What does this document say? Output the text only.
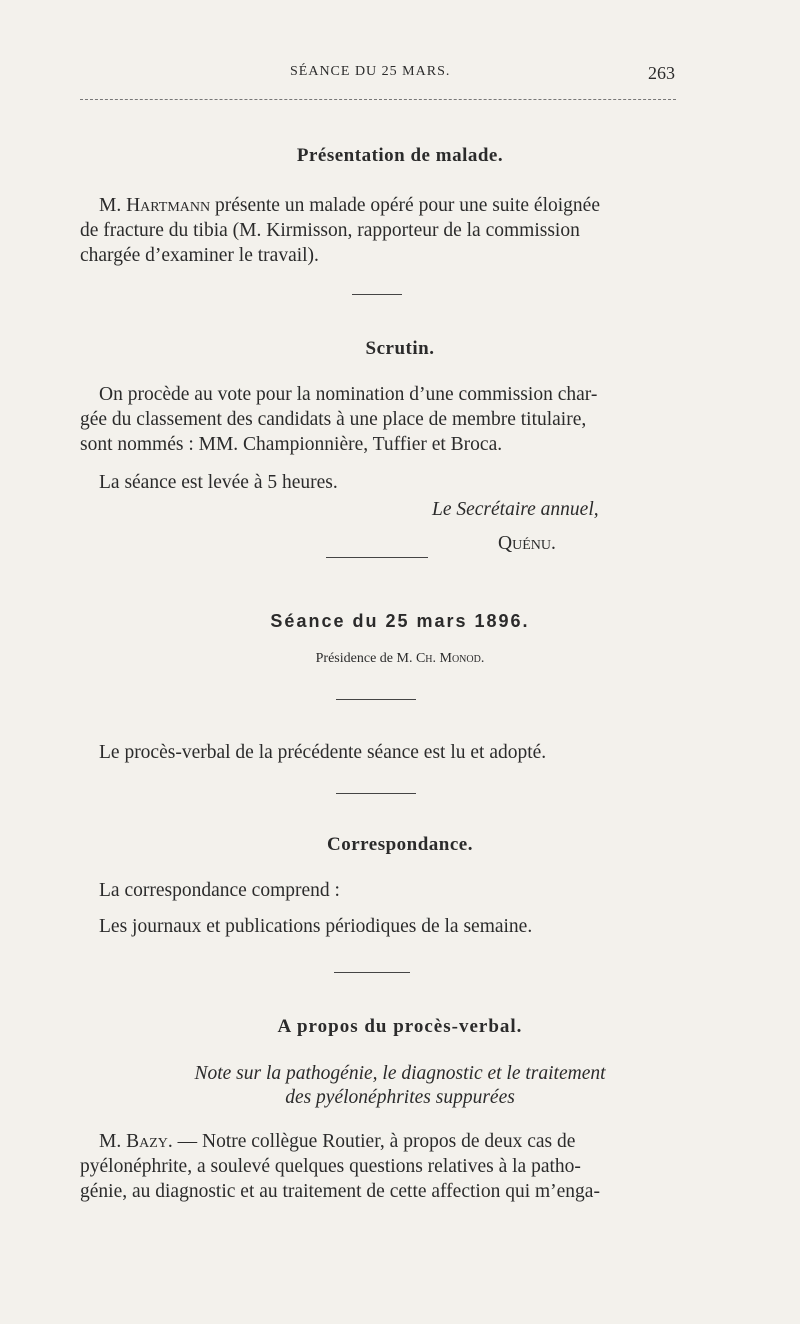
SÉANCE DU 25 MARS.	263
Présentation de malade.
M. Hartmann présente un malade opéré pour une suite éloignée
de fracture du tibia (M. Kirmisson, rapporteur de la commission
chargée d’examiner le travail).
Scrutin.
On procède au vote pour la nomination d’une commission char-
gée du classement des candidats à une place de membre titulaire,
sont nommés : MM. Championnière, Tuffier et Broca.
La séance est levée à 5 heures.
Le Secrétaire annuel,
Quénu.
Séance du 25 mars 1896.
Présidence de M. Ch. Monod.
Le procès-verbal de la précédente séance est lu et adopté.
Correspondance.
La correspondance comprend :
Les journaux et publications périodiques de la semaine.
A propos du procès-verbal.
Note sur la pathogénie, le diagnostic et le traitement
des pyélonéphrites suppurées
M. Bazy. — Notre collègue Routier, à propos de deux cas de
pyélonéphrite, a soulevé quelques questions relatives à la patho-
génie, au diagnostic et au traitement de cette affection qui m’enga-
